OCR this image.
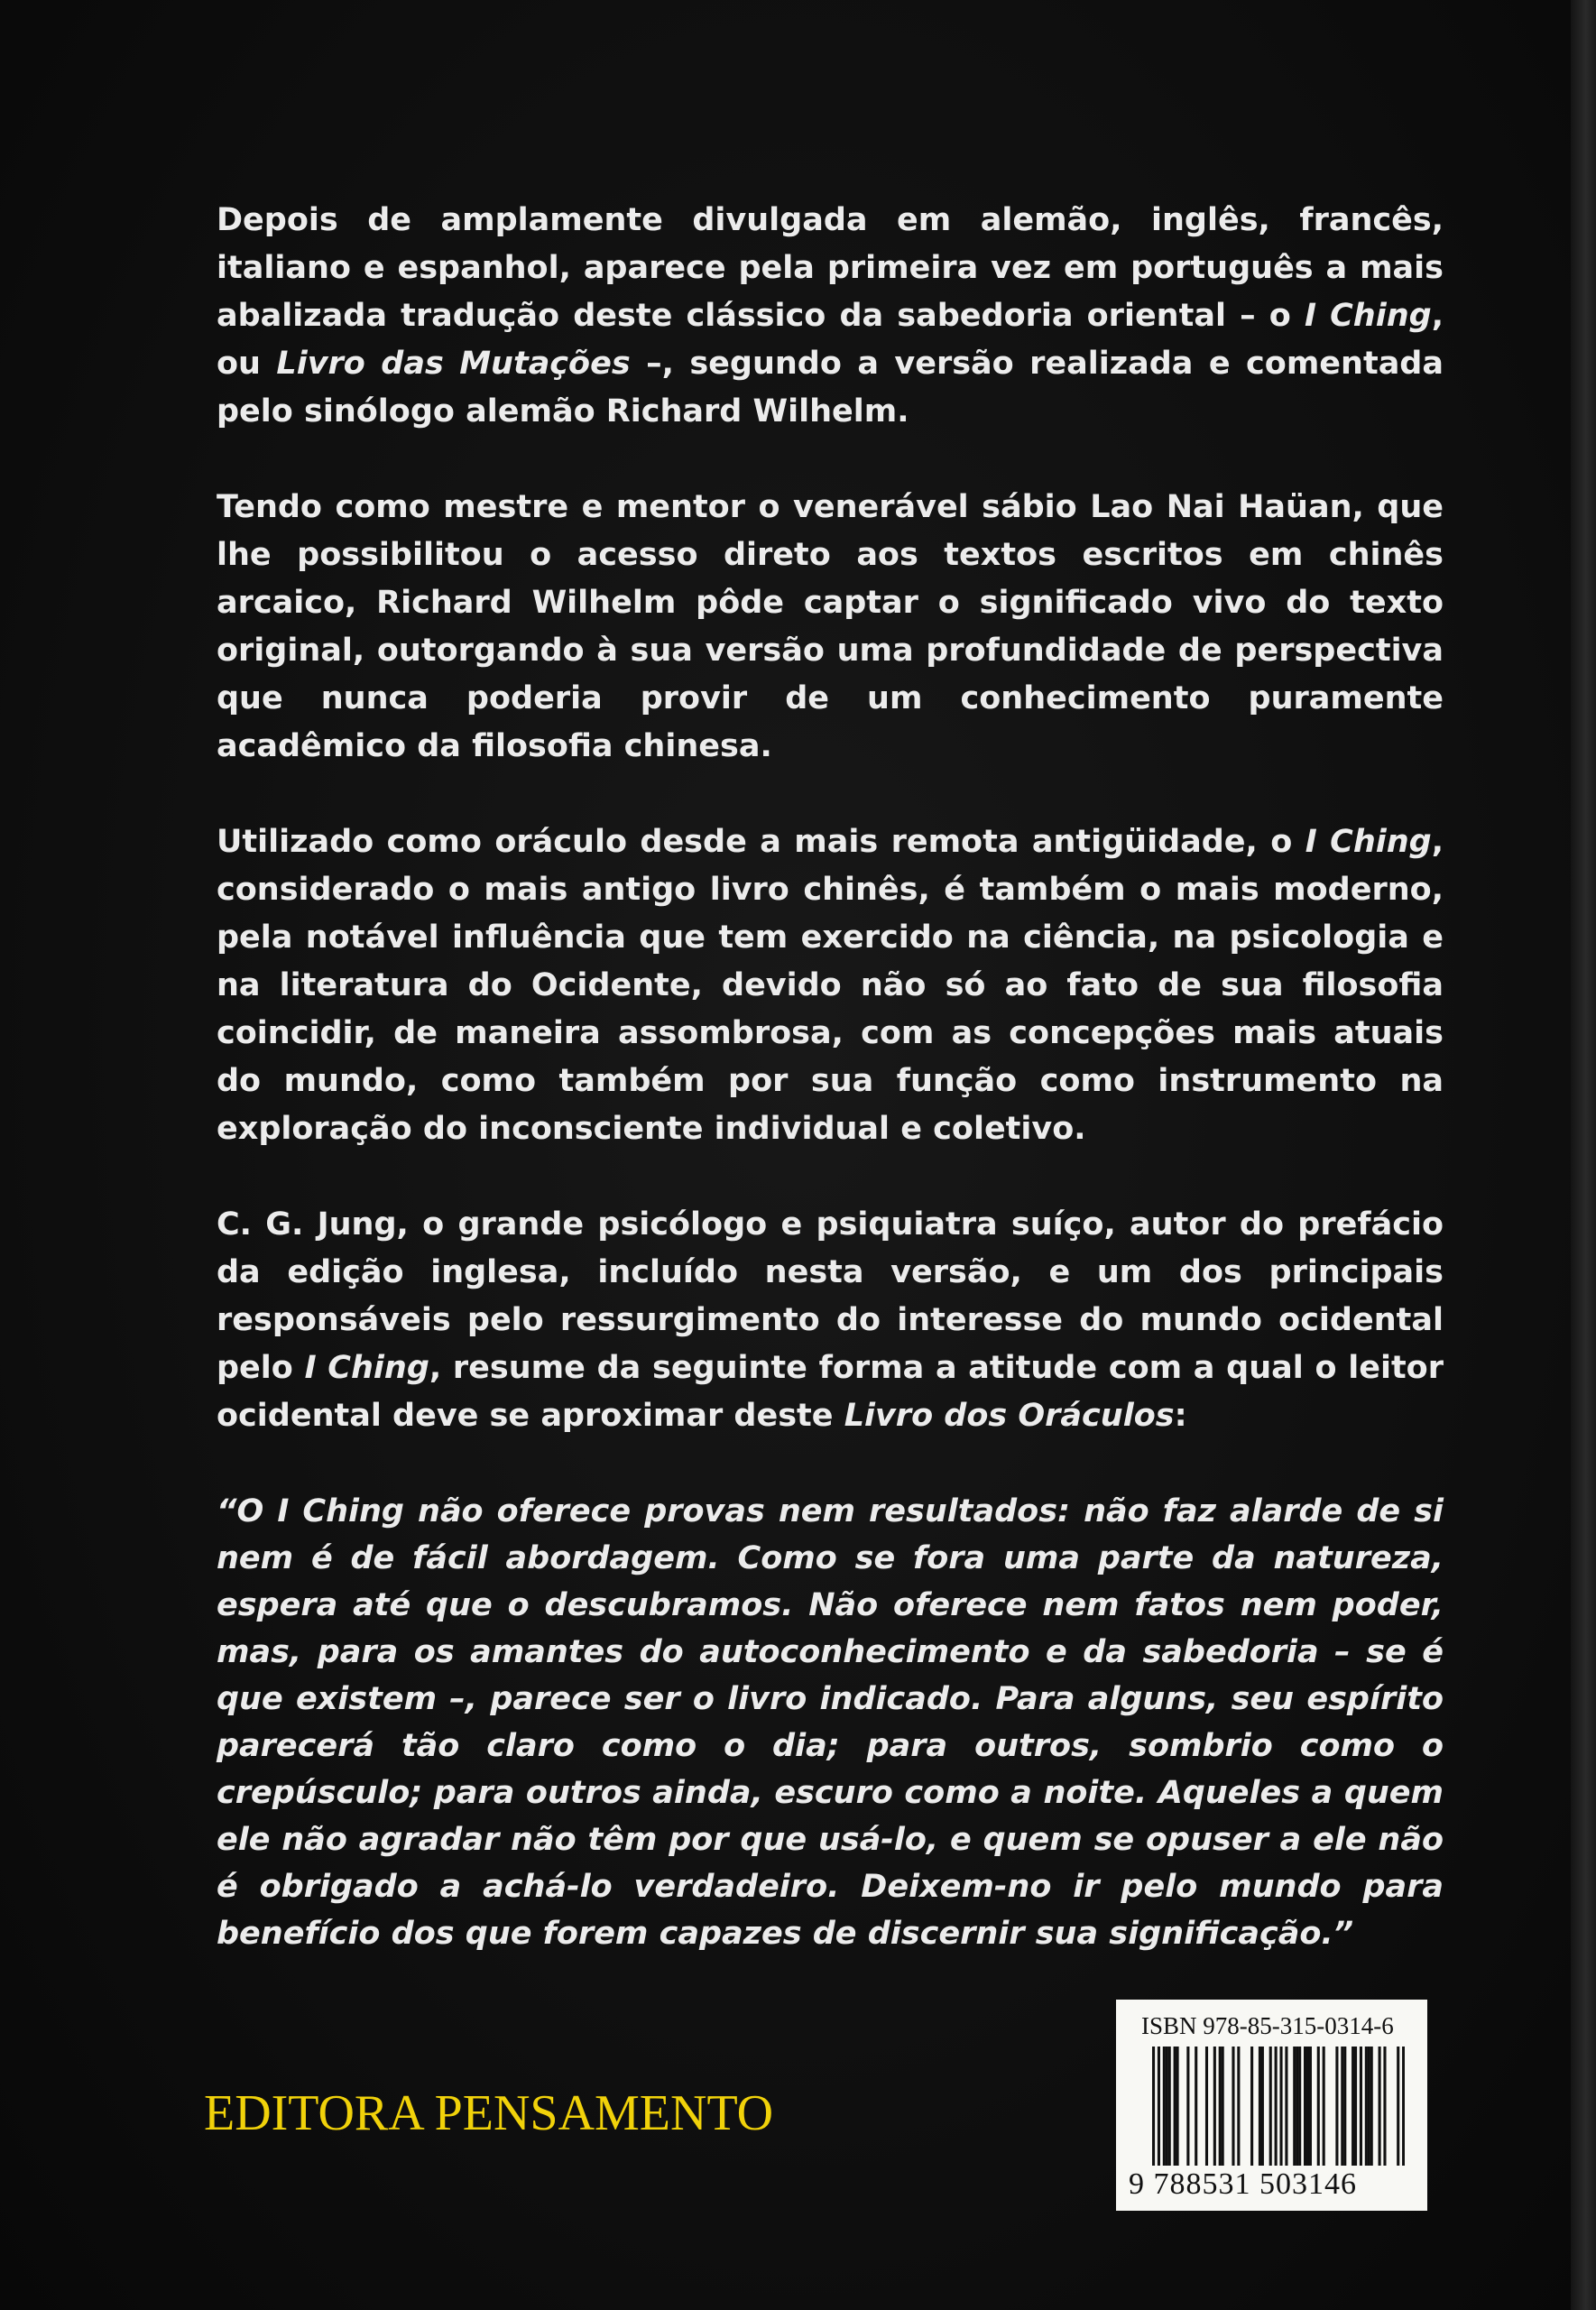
Depois de amplamente divulgada em alemão, inglês, francês, italiano e espanhol, aparece pela primeira vez em português a mais abalizada tradução deste clássico da sabedoria oriental – o I Ching, ou Livro das Mutações –, segundo a versão realizada e comentada pelo sinólogo alemão Richard Wilhelm.

Tendo como mestre e mentor o venerável sábio Lao Nai Haüan, que lhe possibilitou o acesso direto aos textos escritos em chinês arcaico, Richard Wilhelm pôde captar o significado vivo do texto original, outorgando à sua versão uma profundidade de perspectiva que nunca poderia provir de um conhecimento puramente acadêmico da filosofia chinesa.

Utilizado como oráculo desde a mais remota antigüidade, o I Ching, considerado o mais antigo livro chinês, é também o mais moderno, pela notável influência que tem exercido na ciência, na psicologia e na literatura do Ocidente, devido não só ao fato de sua filosofia coincidir, de maneira assombrosa, com as concepções mais atuais do mundo, como também por sua função como instrumento na exploração do inconsciente individual e coletivo.

C. G. Jung, o grande psicólogo e psiquiatra suíço, autor do prefácio da edição inglesa, incluído nesta versão, e um dos principais responsáveis pelo ressurgimento do interesse do mundo ocidental pelo I Ching, resume da seguinte forma a atitude com a qual o leitor ocidental deve se aproximar deste Livro dos Oráculos:

“O I Ching não oferece provas nem resultados: não faz alarde de si nem é de fácil abordagem. Como se fora uma parte da natureza, espera até que o descubramos. Não oferece nem fatos nem poder, mas, para os amantes do autoconhecimento e da sabedoria – se é que existem –, parece ser o livro indicado. Para alguns, seu espírito parecerá tão claro como o dia; para outros, sombrio como o crepúsculo; para outros ainda, escuro como a noite. Aqueles a quem ele não agradar não têm por que usá-lo, e quem se opuser a ele não é obrigado a achá-lo verdadeiro. Deixem-no ir pelo mundo para benefício dos que forem capazes de discernir sua significação.”

EDITORA PENSAMENTO
ISBN 978-85-315-0314-6
9 788531 503146
